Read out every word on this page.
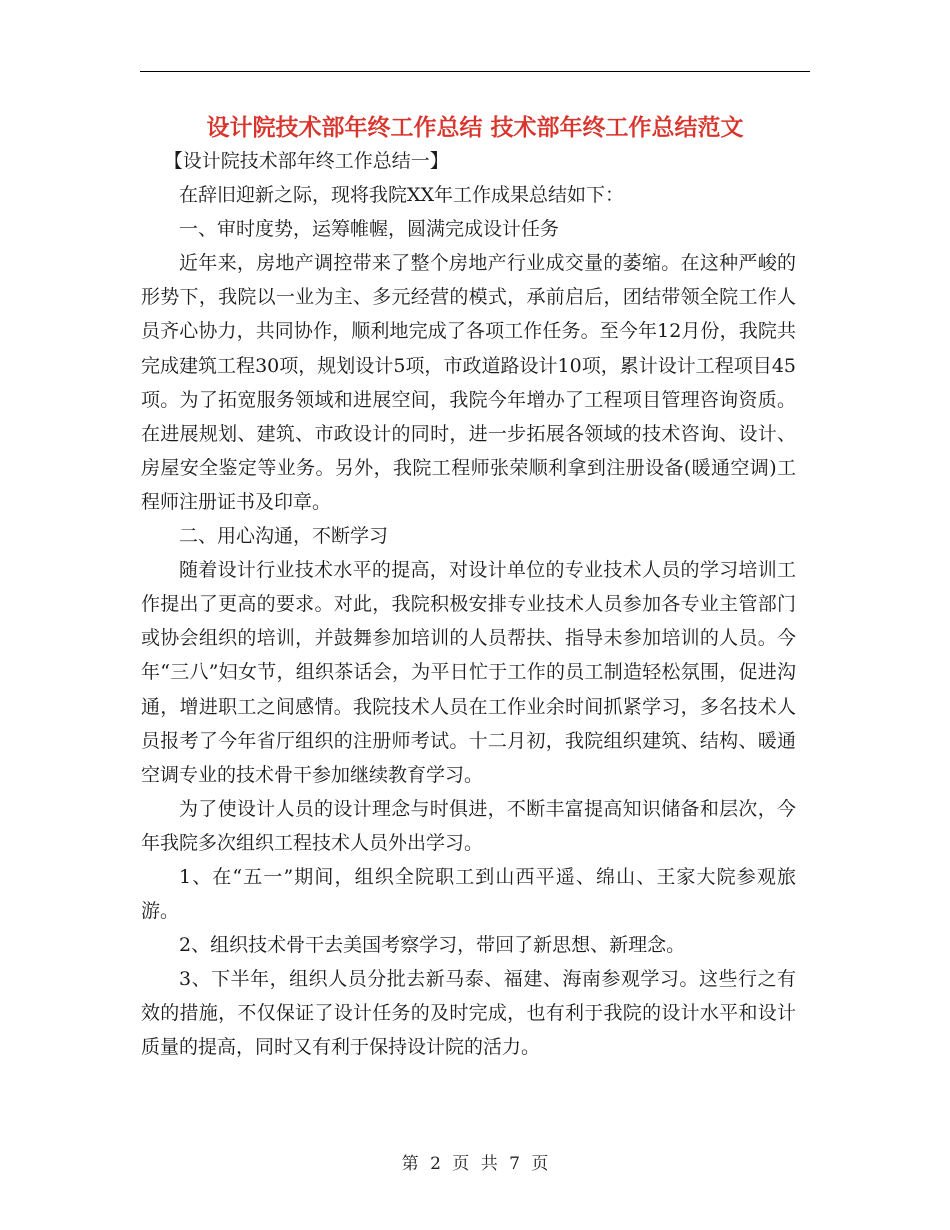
设计院技术部年终工作总结 技术部年终工作总结范文

【设计院技术部年终工作总结一】

在辞旧迎新之际，现将我院XX年工作成果总结如下：

一、审时度势，运筹帷幄，圆满完成设计任务

近年来，房地产调控带来了整个房地产行业成交量的萎缩。在这种严峻的形势下，我院以一业为主、多元经营的模式，承前启后，团结带领全院工作人员齐心协力，共同协作，顺利地完成了各项工作任务。至今年12月份，我院共完成建筑工程30项，规划设计5项，市政道路设计10项，累计设计工程项目45项。为了拓宽服务领域和进展空间，我院今年增办了工程项目管理咨询资质。在进展规划、建筑、市政设计的同时，进一步拓展各领域的技术咨询、设计、房屋安全鉴定等业务。另外，我院工程师张荣顺利拿到注册设备(暖通空调)工程师注册证书及印章。

二、用心沟通，不断学习

随着设计行业技术水平的提高，对设计单位的专业技术人员的学习培训工作提出了更高的要求。对此，我院积极安排专业技术人员参加各专业主管部门或协会组织的培训，并鼓舞参加培训的人员帮扶、指导未参加培训的人员。今年“三八”妇女节，组织茶话会，为平日忙于工作的员工制造轻松氛围，促进沟通，增进职工之间感情。我院技术人员在工作业余时间抓紧学习，多名技术人员报考了今年省厅组织的注册师考试。十二月初，我院组织建筑、结构、暖通空调专业的技术骨干参加继续教育学习。

为了使设计人员的设计理念与时俱进，不断丰富提高知识储备和层次，今年我院多次组织工程技术人员外出学习。

1、在“五一”期间，组织全院职工到山西平遥、绵山、王家大院参观旅游。

2、组织技术骨干去美国考察学习，带回了新思想、新理念。

3、下半年，组织人员分批去新马泰、福建、海南参观学习。这些行之有效的措施，不仅保证了设计任务的及时完成，也有利于我院的设计水平和设计质量的提高，同时又有利于保持设计院的活力。

第 2 页 共 7 页
